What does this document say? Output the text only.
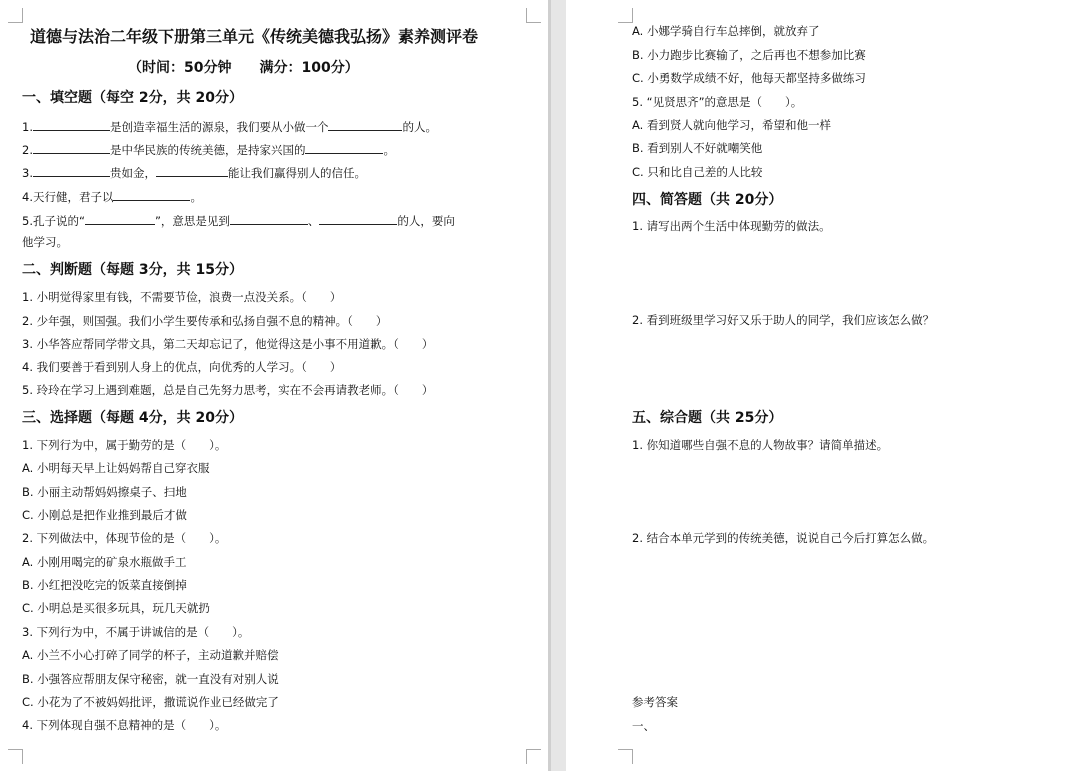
道德与法治二年级下册第三单元《传统美德我弘扬》素养测评卷
（时间：50分钟　　满分：100分）
一、填空题（每空 2分，共 20分）
1.	是创造幸福生活的源泉，我们要从小做一个	的人。
2.	是中华民族的传统美德，是持家兴国的	。
3.	贵如金，	能让我们赢得别人的信任。
4.天行健，君子以	。
5.孔子说的“	”，意思是见到	、	的人，要向
他学习。
二、判断题（每题 3分，共 15分）
1. 小明觉得家里有钱，不需要节俭，浪费一点没关系。（　　）
2. 少年强，则国强。我们小学生要传承和弘扬自强不息的精神。（　　）
3. 小华答应帮同学带文具，第二天却忘记了，他觉得这是小事不用道歉。（　　）
4. 我们要善于看到别人身上的优点，向优秀的人学习。（　　）
5. 玲玲在学习上遇到难题，总是自己先努力思考，实在不会再请教老师。（　　）
三、选择题（每题 4分，共 20分）
1. 下列行为中，属于勤劳的是（　　）。
A. 小明每天早上让妈妈帮自己穿衣服
B. 小丽主动帮妈妈擦桌子、扫地
C. 小刚总是把作业推到最后才做
2. 下列做法中，体现节俭的是（　　）。
A. 小刚用喝完的矿泉水瓶做手工
B. 小红把没吃完的饭菜直接倒掉
C. 小明总是买很多玩具，玩几天就扔
3. 下列行为中，不属于讲诚信的是（　　）。
A. 小兰不小心打碎了同学的杯子，主动道歉并赔偿
B. 小强答应帮朋友保守秘密，就一直没有对别人说
C. 小花为了不被妈妈批评，撒谎说作业已经做完了
4. 下列体现自强不息精神的是（　　）。
A. 小娜学骑自行车总摔倒，就放弃了
B. 小力跑步比赛输了，之后再也不想参加比赛
C. 小勇数学成绩不好，他每天都坚持多做练习
5. “见贤思齐”的意思是（　　）。
A. 看到贤人就向他学习，希望和他一样
B. 看到别人不好就嘲笑他
C. 只和比自己差的人比较
四、简答题（共 20分）
1. 请写出两个生活中体现勤劳的做法。
2. 看到班级里学习好又乐于助人的同学，我们应该怎么做？
五、综合题（共 25分）
1. 你知道哪些自强不息的人物故事？请简单描述。
2. 结合本单元学到的传统美德，说说自己今后打算怎么做。
参考答案
一、
